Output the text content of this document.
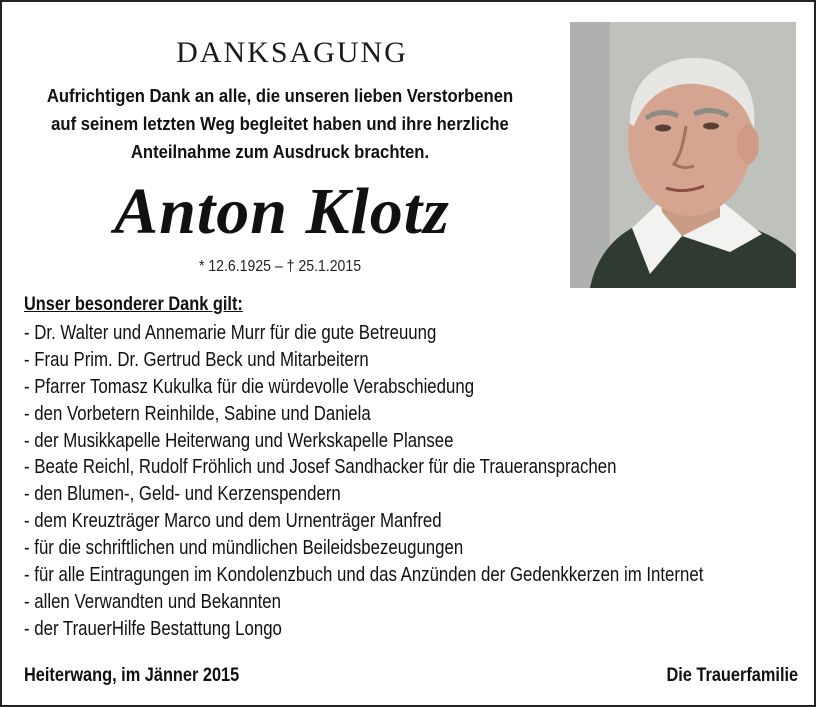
DANKSAGUNG
Aufrichtigen Dank an alle, die unseren lieben Verstorbenen
auf seinem letzten Weg begleitet haben und ihre herzliche
Anteilnahme zum Ausdruck brachten.
Anton Klotz
* 12.6.1925 – † 25.1.2015
Unser besonderer Dank gilt:
- Dr. Walter und Annemarie Murr für die gute Betreuung
- Frau Prim. Dr. Gertrud Beck und Mitarbeitern
- Pfarrer Tomasz Kukulka für die würdevolle Verabschiedung
- den Vorbetern Reinhilde, Sabine und Daniela
- der Musikkapelle Heiterwang und Werkskapelle Plansee
- Beate Reichl, Rudolf Fröhlich und Josef Sandhacker für die Traueransprachen
- den Blumen-, Geld- und Kerzenspendern
- dem Kreuzträger Marco und dem Urnenträger Manfred
- für die schriftlichen und mündlichen Beileidsbezeugungen
- für alle Eintragungen im Kondolenzbuch und das Anzünden der Gedenkkerzen im Internet
- allen Verwandten und Bekannten
- der TrauerHilfe Bestattung Longo
Heiterwang, im Jänner 2015	Die Trauerfamilie
